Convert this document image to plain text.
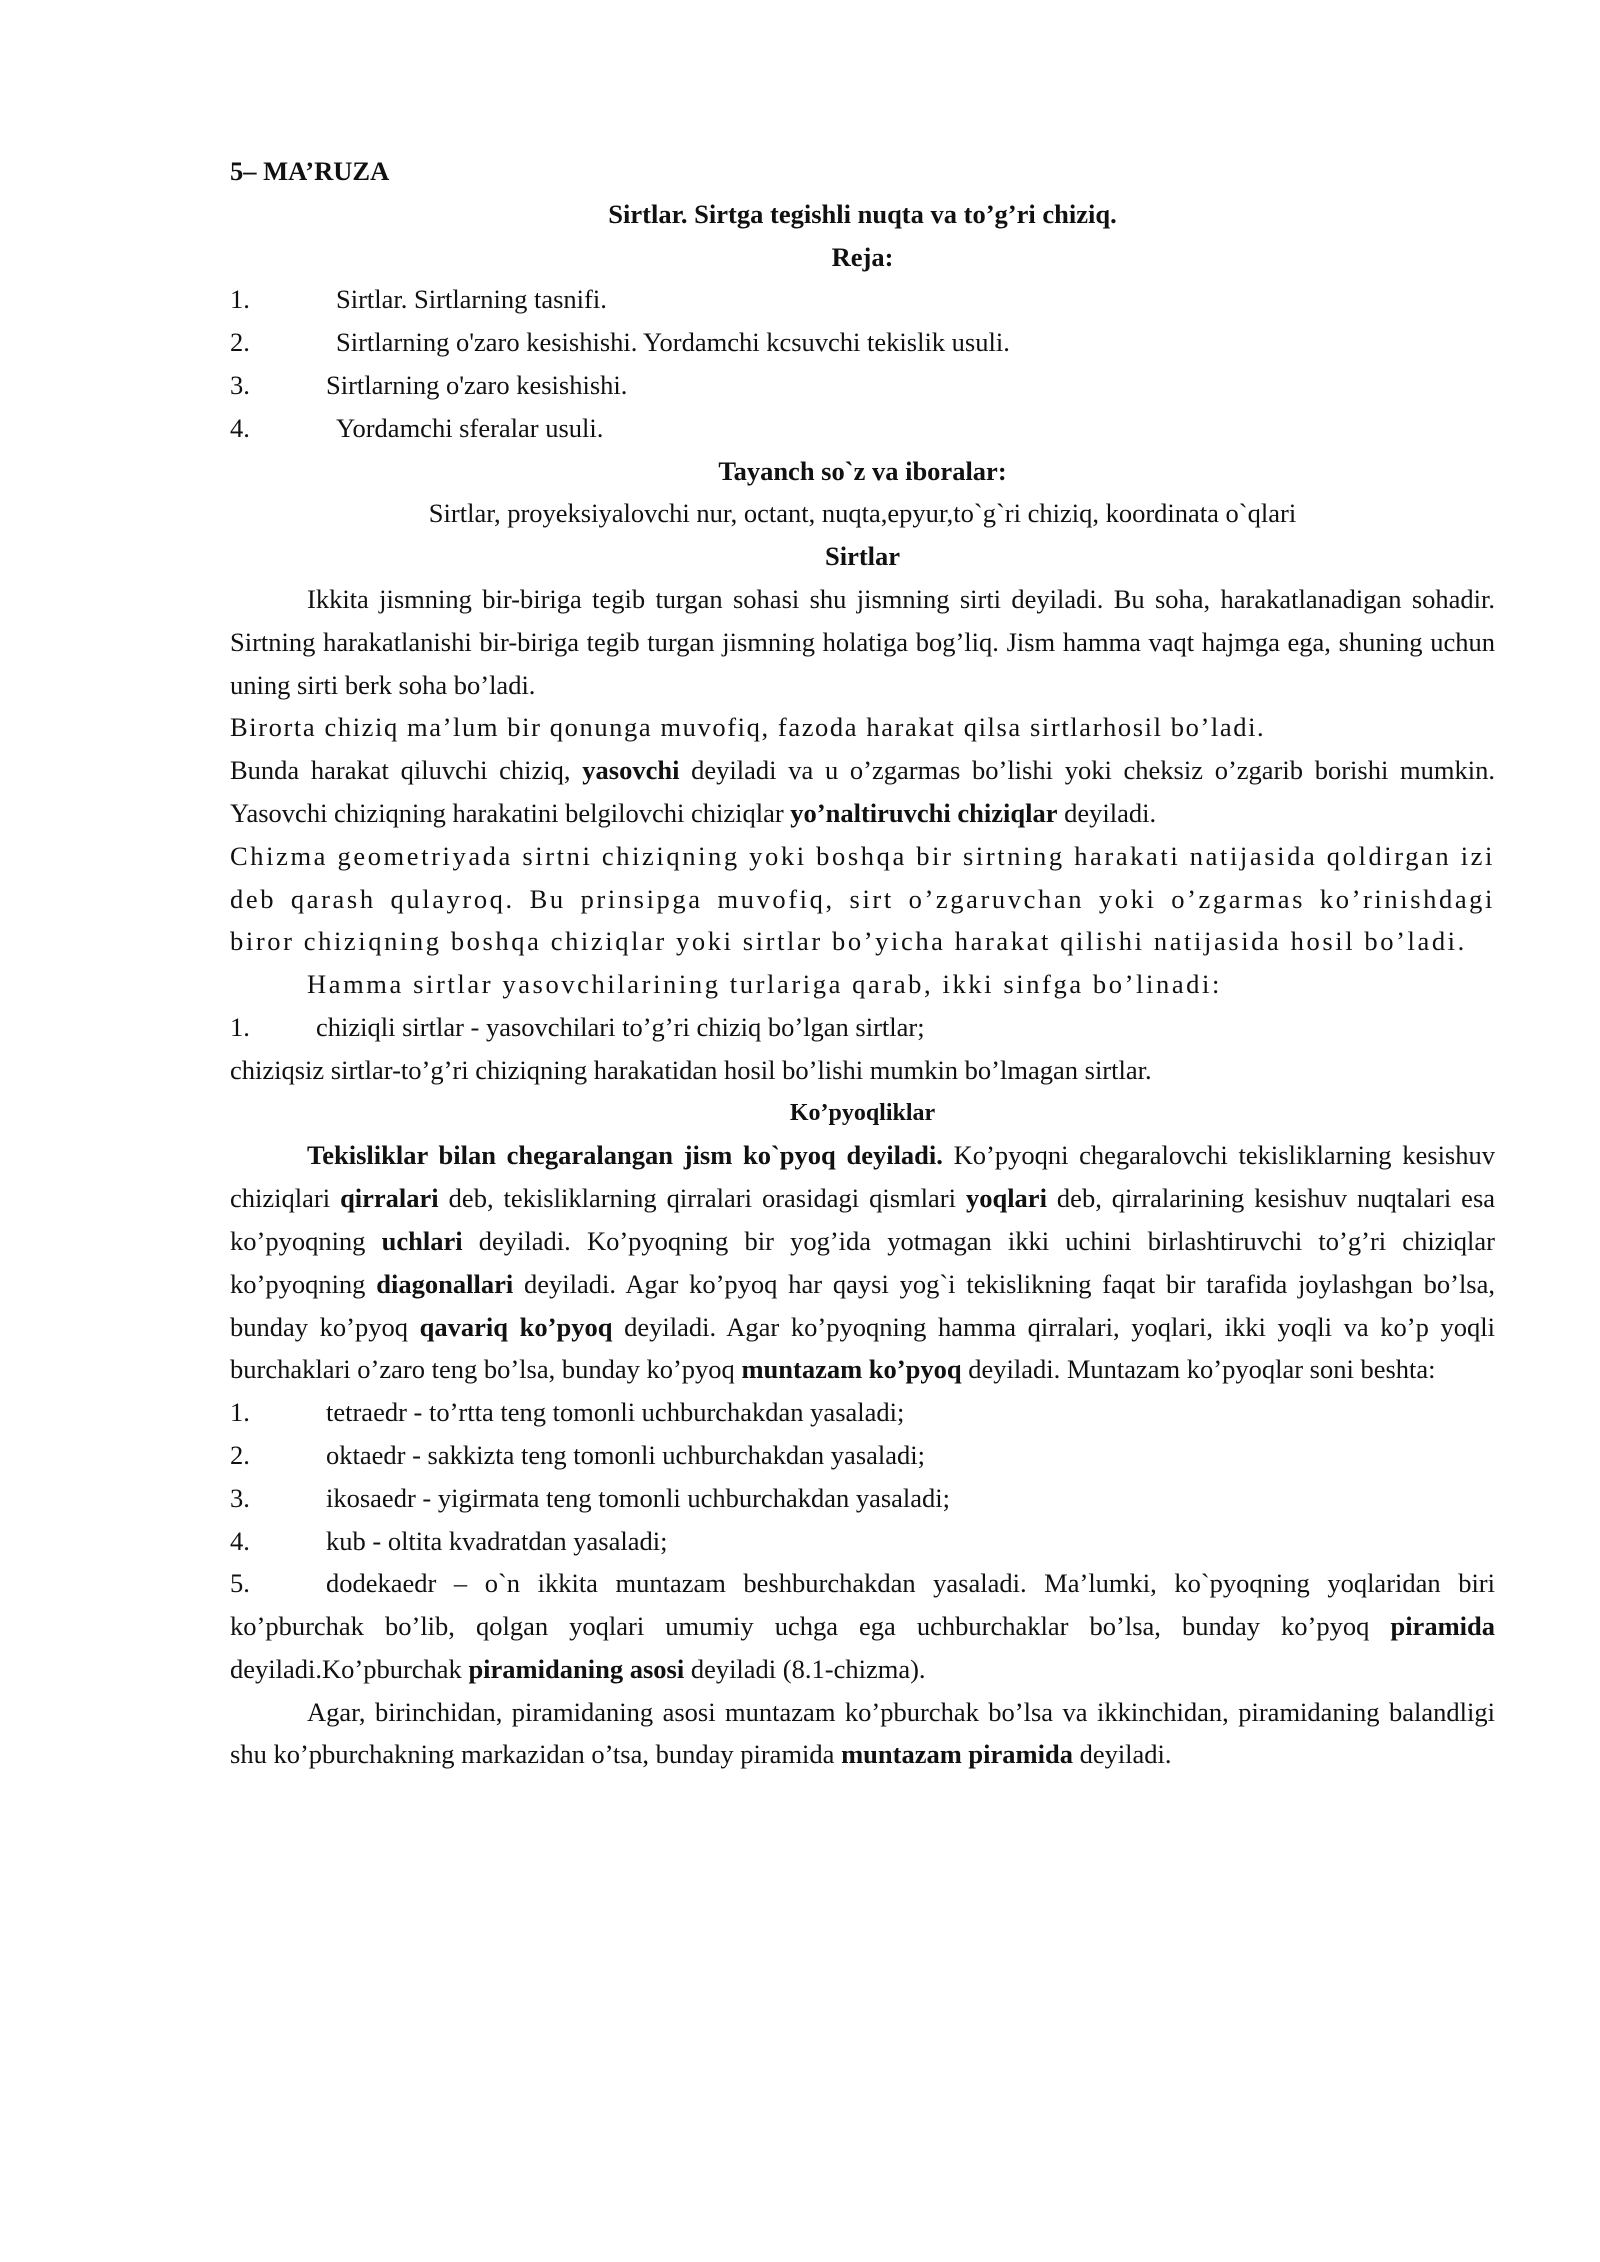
5– MA’RUZA

Sirtlar. Sirtga tegishli nuqta va to’g’ri chiziq.

Reja:

1.	Sirtlar. Sirtlarning tasnifi.
2.	Sirtlarning o'zaro kesishishi. Yordamchi kcsuvchi tekislik usuli.
3.	Sirtlarning o'zaro kesishishi.
4.	Yordamchi sferalar usuli.

Tayanch so`z va iboralar:

Sirtlar, proyeksiyalovchi nur, octant, nuqta,epyur,to`g`ri chiziq, koordinata o`qlari

Sirtlar

Ikkita jismning bir-biriga tegib turgan sohasi shu jismning sirti deyiladi. Bu soha, harakatlanadigan sohadir. Sirtning harakatlanishi bir-biriga tegib turgan jismning holatiga bog’liq. Jism hamma vaqt hajmga ega, shuning uchun uning sirti berk soha bo’ladi.

Birorta chiziq ma’lum bir qonunga muvofiq, fazoda harakat qilsa sirtlarhosil bo’ladi.

Bunda harakat qiluvchi chiziq, yasovchi deyiladi va u o’zgarmas bo’lishi yoki cheksiz o’zgarib borishi mumkin. Yasovchi chiziqning harakatini belgilovchi chiziqlar yo’naltiruvchi chiziqlar deyiladi.

Chizma geometriyada sirtni chiziqning yoki boshqa bir sirtning harakati natijasida qoldirgan izi deb qarash qulayroq. Bu prinsipga muvofiq, sirt o’zgaruvchan yoki o’zgarmas ko’rinishdagi biror chiziqning boshqa chiziqlar yoki sirtlar bo’yicha harakat qilishi natijasida hosil bo’ladi.

Hamma sirtlar yasovchilarining turlariga qarab, ikki sinfga bo’linadi:

1. chiziqli sirtlar - yasovchilari to’g’ri chiziq bo’lgan sirtlar;

chiziqsiz sirtlar-to’g’ri chiziqning harakatidan hosil bo’lishi mumkin bo’lmagan sirtlar.

Ko’pyoqliklar

Tekisliklar bilan chegaralangan jism ko`pyoq deyiladi. Ko’pyoqni chegaralovchi tekisliklarning kesishuv chiziqlari qirralari deb, tekisliklarning qirralari orasidagi qismlari yoqlari deb, qirralarining kesishuv nuqtalari esa ko’pyoqning uchlari deyiladi. Ko’pyoqning bir yog’ida yotmagan ikki uchini birlashtiruvchi to’g’ri chiziqlar ko’pyoqning diagonallari deyiladi. Agar ko’pyoq har qaysi yog`i tekislikning faqat bir tarafida joylashgan bo’lsa, bunday ko’pyoq qavariq ko’pyoq deyiladi. Agar ko’pyoqning hamma qirralari, yoqlari, ikki yoqli va ko’p yoqli burchaklari o’zaro teng bo’lsa, bunday ko’pyoq muntazam ko’pyoq deyiladi. Muntazam ko’pyoqlar soni beshta:

1.	tetraedr - to’rtta teng tomonli uchburchakdan yasaladi;
2.	oktaedr - sakkizta teng tomonli uchburchakdan yasaladi;
3.	ikosaedr - yigirmata teng tomonli uchburchakdan yasaladi;
4.	kub - oltita kvadratdan yasaladi;

5.	dodekaedr – o`n ikkita muntazam beshburchakdan yasaladi. Ma’lumki, ko`pyoqning yoqlaridan biri ko’pburchak bo’lib, qolgan yoqlari umumiy uchga ega uchburchaklar bo’lsa, bunday ko’pyoq piramida deyiladi.Ko’pburchak piramidaning asosi deyiladi (8.1-chizma).

Agar, birinchidan, piramidaning asosi muntazam ko’pburchak bo’lsa va ikkinchidan, piramidaning balandligi shu ko’pburchakning markazidan o’tsa, bunday piramida muntazam piramida deyiladi.
